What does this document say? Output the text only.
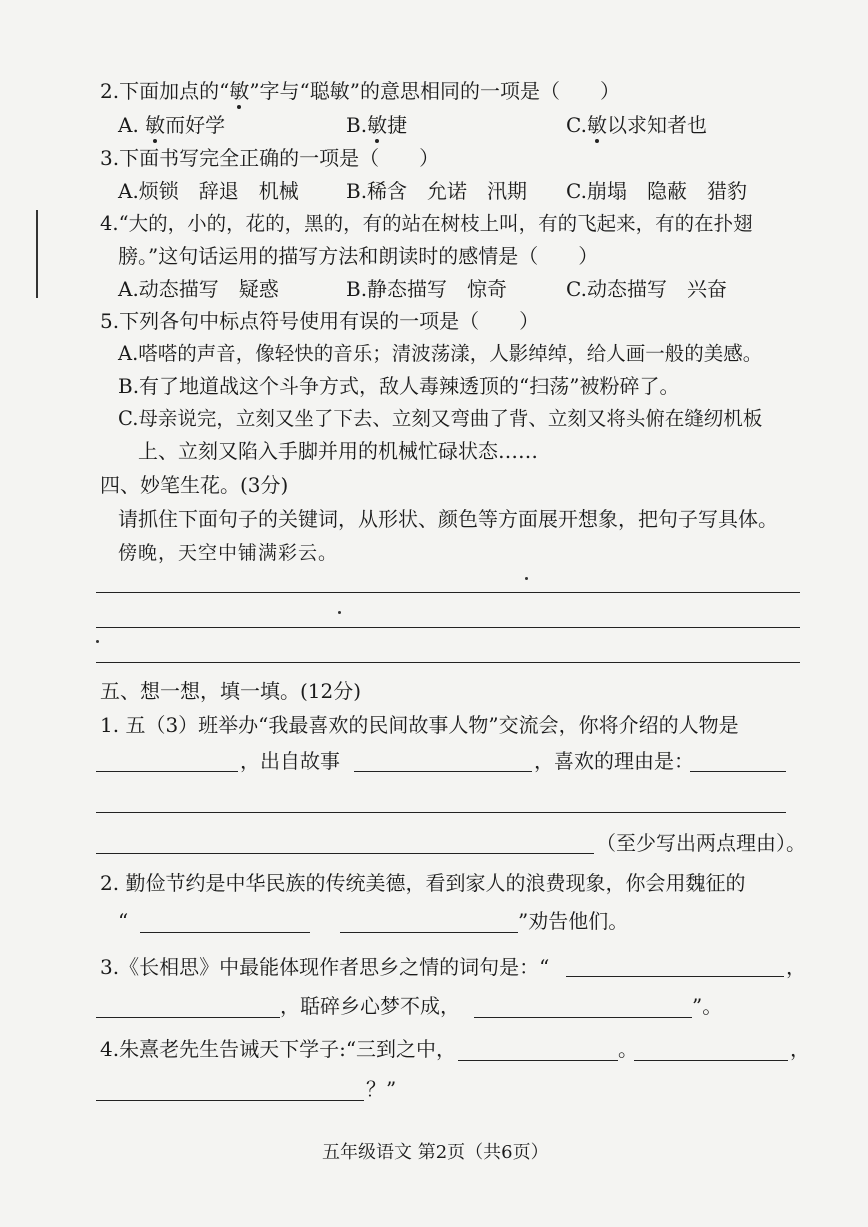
2.下面加点的“敏”字与“聪敏”的意思相同的一项是（　　）
A. 敏而好学	B.敏捷	C.敏以求知者也
3.下面书写完全正确的一项是（　　）
A.烦锁　辞退　机械 B.稀含　允诺　汛期 C.崩塌　隐蔽　猎豹
4.“大的，小的，花的，黑的，有的站在树枝上叫，有的飞起来，有的在扑翅
膀。”这句话运用的描写方法和朗读时的感情是（　　）
A.动态描写　疑惑	B.静态描写　惊奇	C.动态描写　兴奋
5.下列各句中标点符号使用有误的一项是（　　）
A.嗒嗒的声音，像轻快的音乐；清波荡漾，人影绰绰，给人画一般的美感。
B.有了地道战这个斗争方式，敌人毒辣透顶的“扫荡”被粉碎了。
C.母亲说完，立刻又坐了下去、立刻又弯曲了背、立刻又将头俯在缝纫机板
上、立刻又陷入手脚并用的机械忙碌状态……
四、妙笔生花。(3分)
请抓住下面句子的关键词，从形状、颜色等方面展开想象，把句子写具体。
傍晚，天空中铺满彩云。
五、想一想，填一填。(12分)
1. 五（3）班举办“我最喜欢的民间故事人物”交流会，你将介绍的人物是
，出自故事	，喜欢的理由是：
（至少写出两点理由）。
2. 勤俭节约是中华民族的传统美德，看到家人的浪费现象，你会用魏征的
“	”劝告他们。
3.《长相思》中最能体现作者思乡之情的词句是：“	，
，聒碎乡心梦不成，	”。
4.朱熹老先生告诫天下学子:“三到之中，	。	，
？”
五年级语文 第2页（共6页）
